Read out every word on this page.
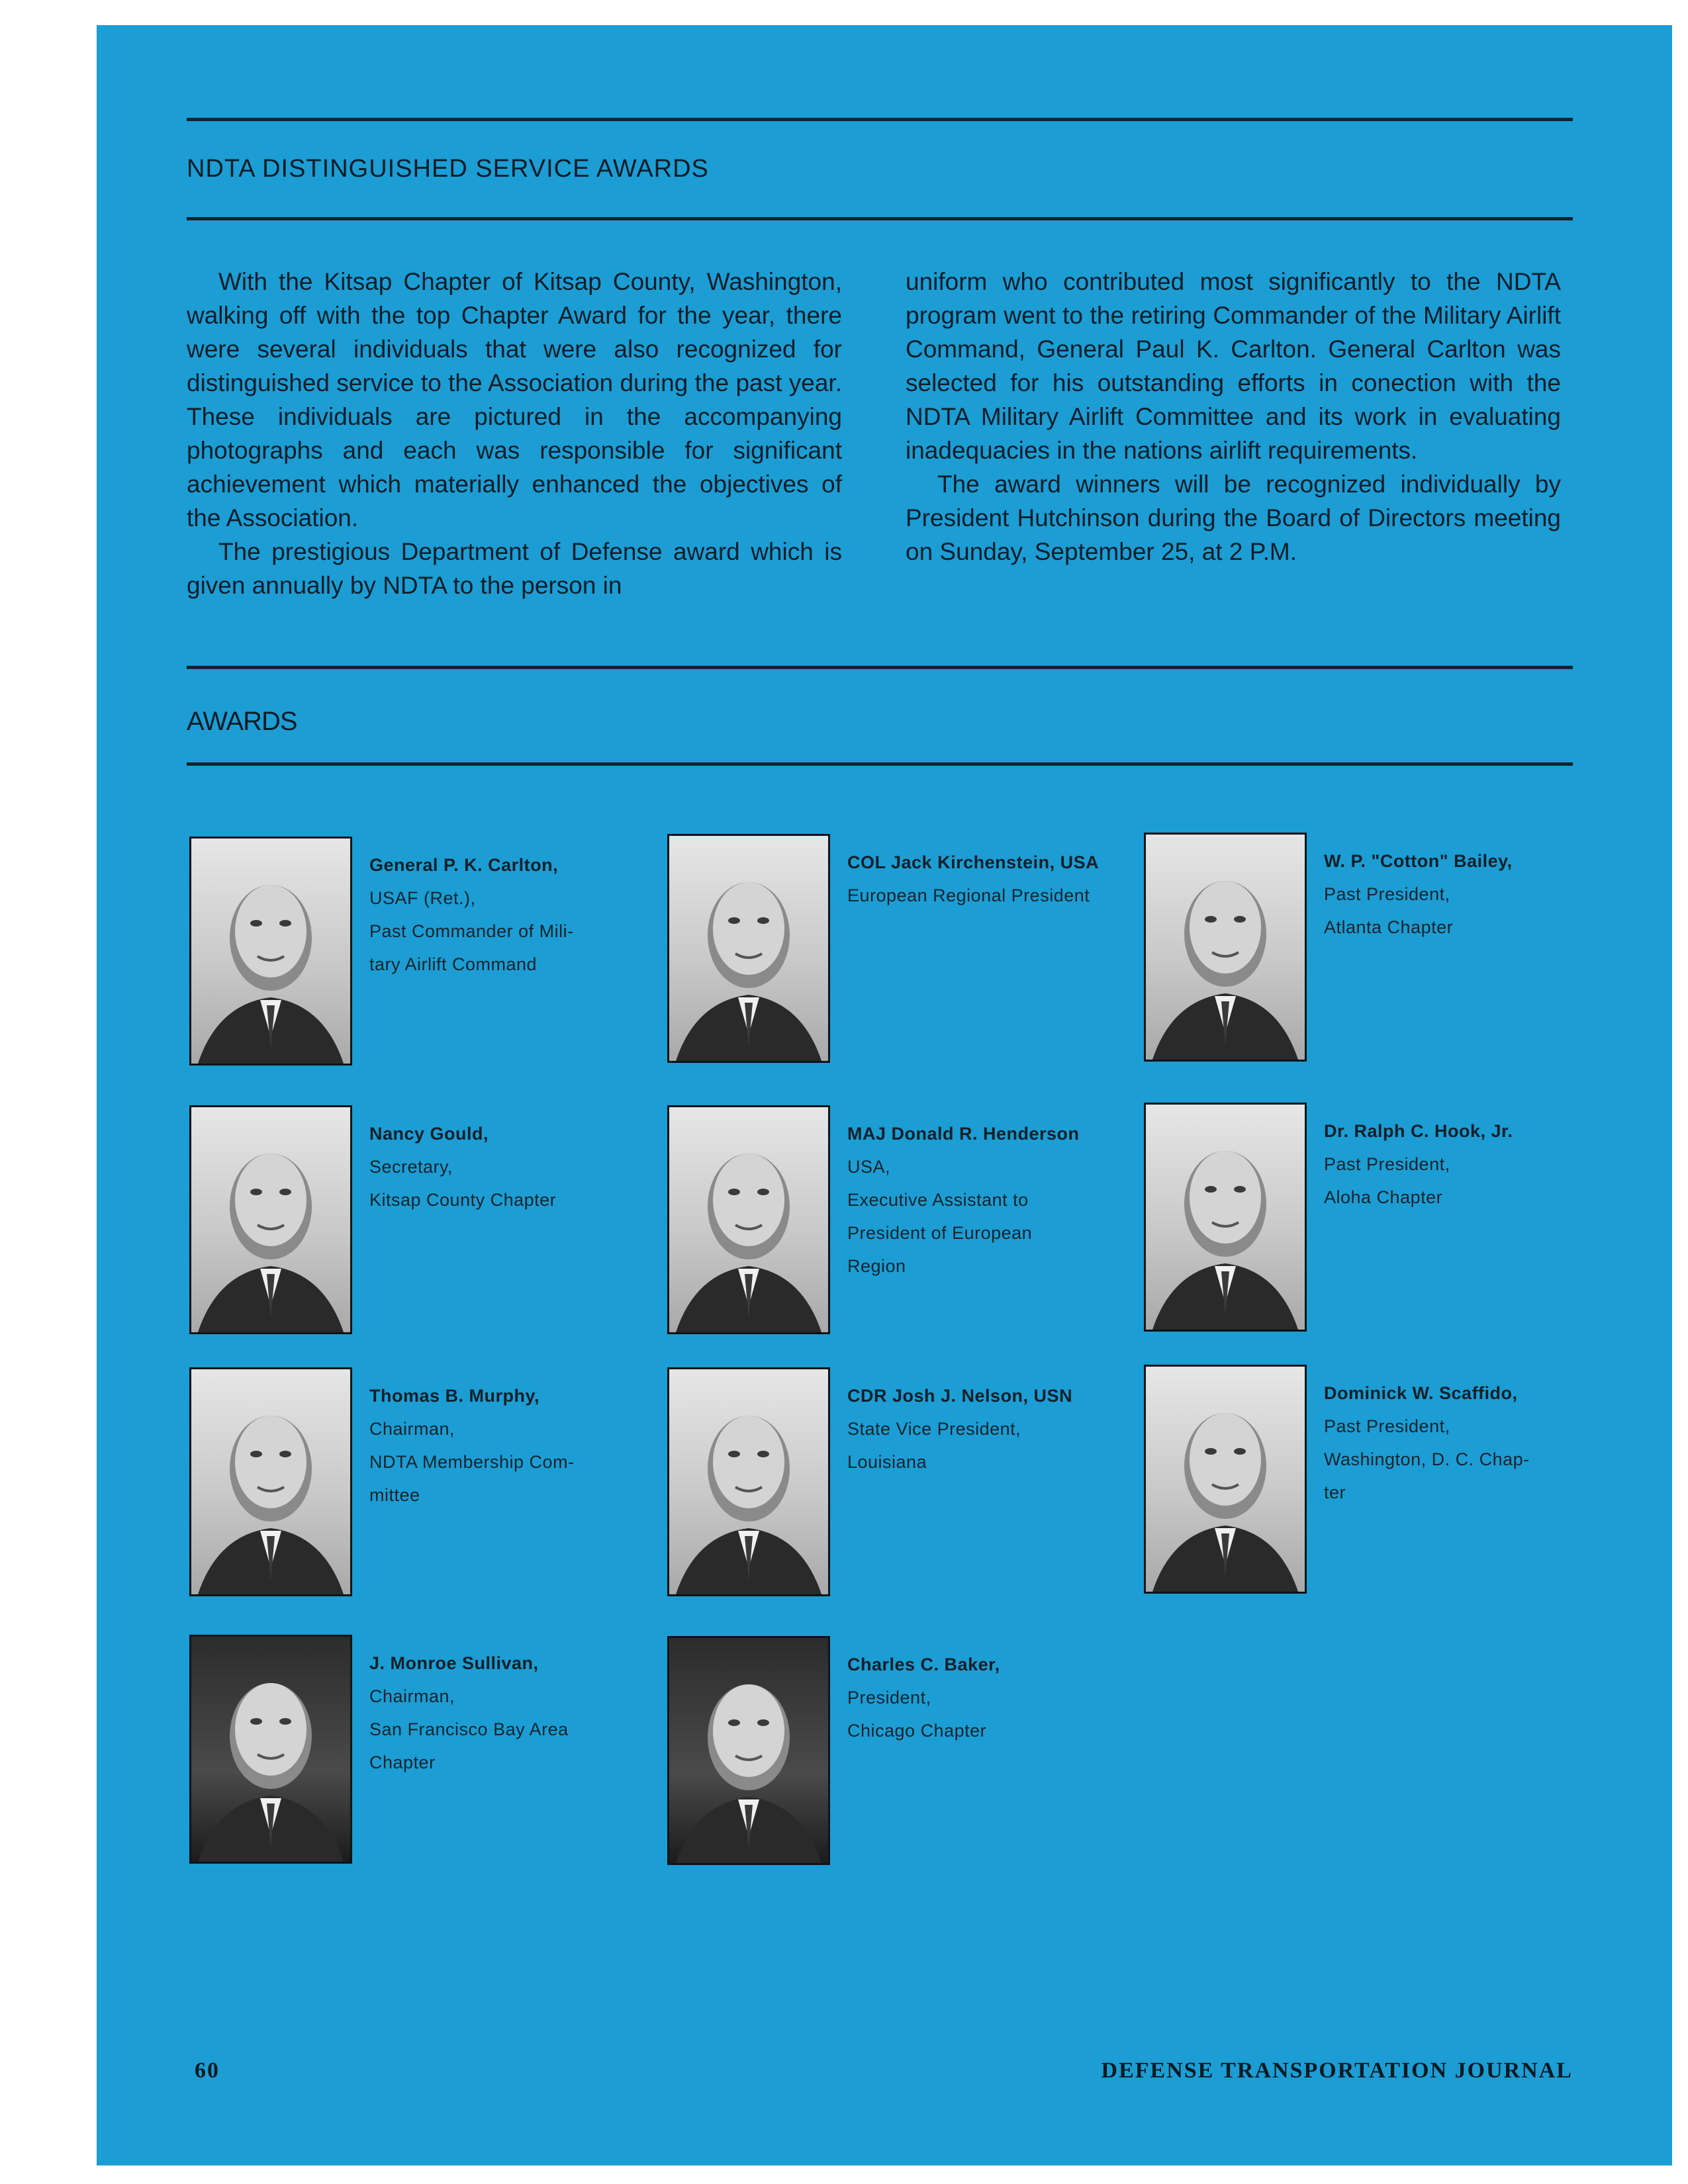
NDTA DISTINGUISHED SERVICE AWARDS

With the Kitsap Chapter of Kitsap County, Washington, walking off with the top Chapter Award for the year, there were several individuals that were also recognized for distinguished service to the Association during the past year. These individuals are pictured in the accompanying photographs and each was responsible for significant achievement which materially enhanced the objectives of the Association.

The prestigious Department of Defense award which is given annually by NDTA to the person in

uniform who contributed most significantly to the NDTA program went to the retiring Commander of the Military Airlift Command, General Paul K. Carlton. General Carlton was selected for his outstanding efforts in conection with the NDTA Military Airlift Committee and its work in evaluating inadequacies in the nations airlift requirements.

The award winners will be recognized individually by President Hutchinson during the Board of Directors meeting on Sunday, September 25, at 2 P.M.

AWARDS
General P. K. Carlton,
USAF (Ret.),
Past Commander of Mili-
tary Airlift Command
COL Jack Kirchenstein, USA
European Regional President
W. P. "Cotton" Bailey,
Past President,
Atlanta Chapter
Nancy Gould,
Secretary,
Kitsap County Chapter
MAJ Donald R. Henderson
USA,
Executive Assistant to
President of European
Region
Dr. Ralph C. Hook, Jr.
Past President,
Aloha Chapter
Thomas B. Murphy,
Chairman,
NDTA Membership Com-
mittee
CDR Josh J. Nelson, USN
State Vice President,
Louisiana
Dominick W. Scaffido,
Past President,
Washington, D. C. Chap-
ter
J. Monroe Sullivan,
Chairman,
San Francisco Bay Area
Chapter
Charles C. Baker,
President,
Chicago Chapter
60	DEFENSE TRANSPORTATION JOURNAL
